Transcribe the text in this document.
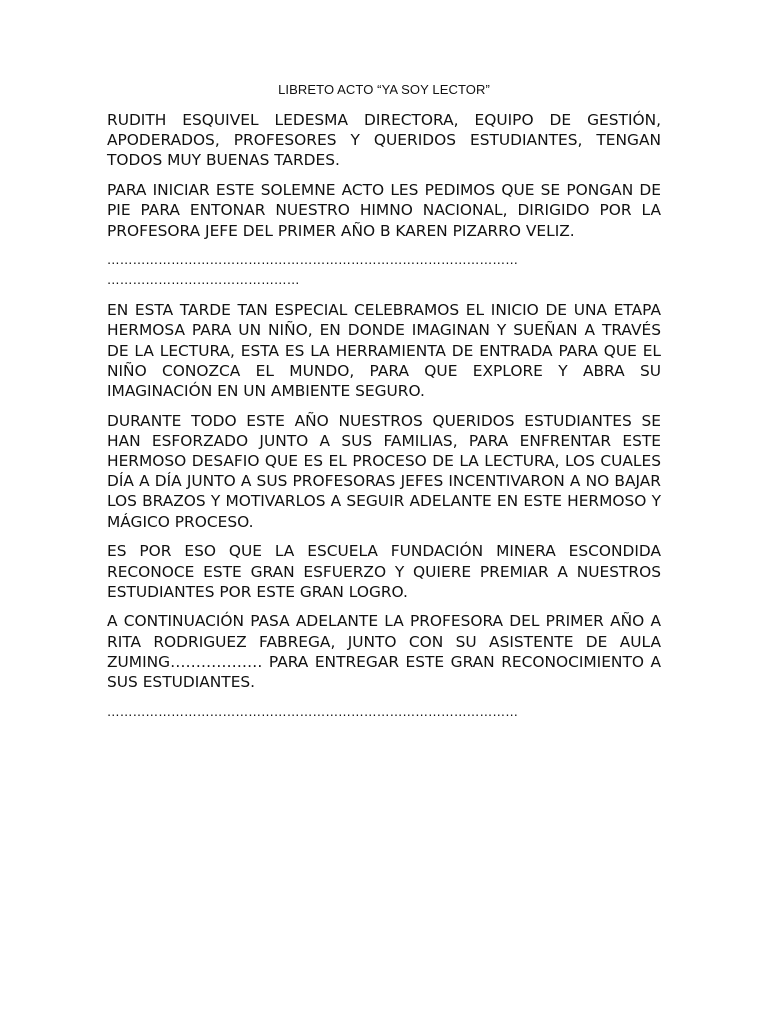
LIBRETO ACTO “YA SOY LECTOR”

RUDITH ESQUIVEL LEDESMA DIRECTORA, EQUIPO DE GESTIÓN, APODERADOS, PROFESORES Y QUERIDOS ESTUDIANTES, TENGAN TODOS MUY BUENAS TARDES.

PARA INICIAR ESTE SOLEMNE ACTO LES PEDIMOS QUE SE PONGAN DE PIE PARA ENTONAR NUESTRO HIMNO NACIONAL, DIRIGIDO POR LA PROFESORA JEFE DEL PRIMER AÑO B KAREN PIZARRO VELIZ.

……………………………………………………………………………………
………………………………………

EN ESTA TARDE TAN ESPECIAL CELEBRAMOS EL INICIO DE UNA ETAPA HERMOSA PARA UN NIÑO, EN DONDE IMAGINAN Y SUEÑAN A TRAVÉS DE LA LECTURA, ESTA ES LA HERRAMIENTA DE ENTRADA PARA QUE EL NIÑO CONOZCA EL MUNDO, PARA QUE EXPLORE Y ABRA SU IMAGINACIÓN EN UN AMBIENTE SEGURO.

DURANTE TODO ESTE AÑO NUESTROS QUERIDOS ESTUDIANTES SE HAN ESFORZADO JUNTO A SUS FAMILIAS, PARA ENFRENTAR ESTE HERMOSO DESAFIO QUE ES EL PROCESO DE LA LECTURA, LOS CUALES DÍA A DÍA JUNTO A SUS PROFESORAS JEFES INCENTIVARON A NO BAJAR LOS BRAZOS Y MOTIVARLOS A SEGUIR ADELANTE EN ESTE HERMOSO Y MÁGICO PROCESO.

ES POR ESO QUE LA ESCUELA FUNDACIÓN MINERA ESCONDIDA RECONOCE ESTE GRAN ESFUERZO Y QUIERE PREMIAR A NUESTROS ESTUDIANTES POR ESTE GRAN LOGRO.

A CONTINUACIÓN PASA ADELANTE LA PROFESORA DEL PRIMER AÑO A RITA RODRIGUEZ FABREGA, JUNTO CON SU ASISTENTE DE AULA ZUMING……………… PARA ENTREGAR ESTE GRAN RECONOCIMIENTO A SUS ESTUDIANTES.

……………………………………………………………………………………
